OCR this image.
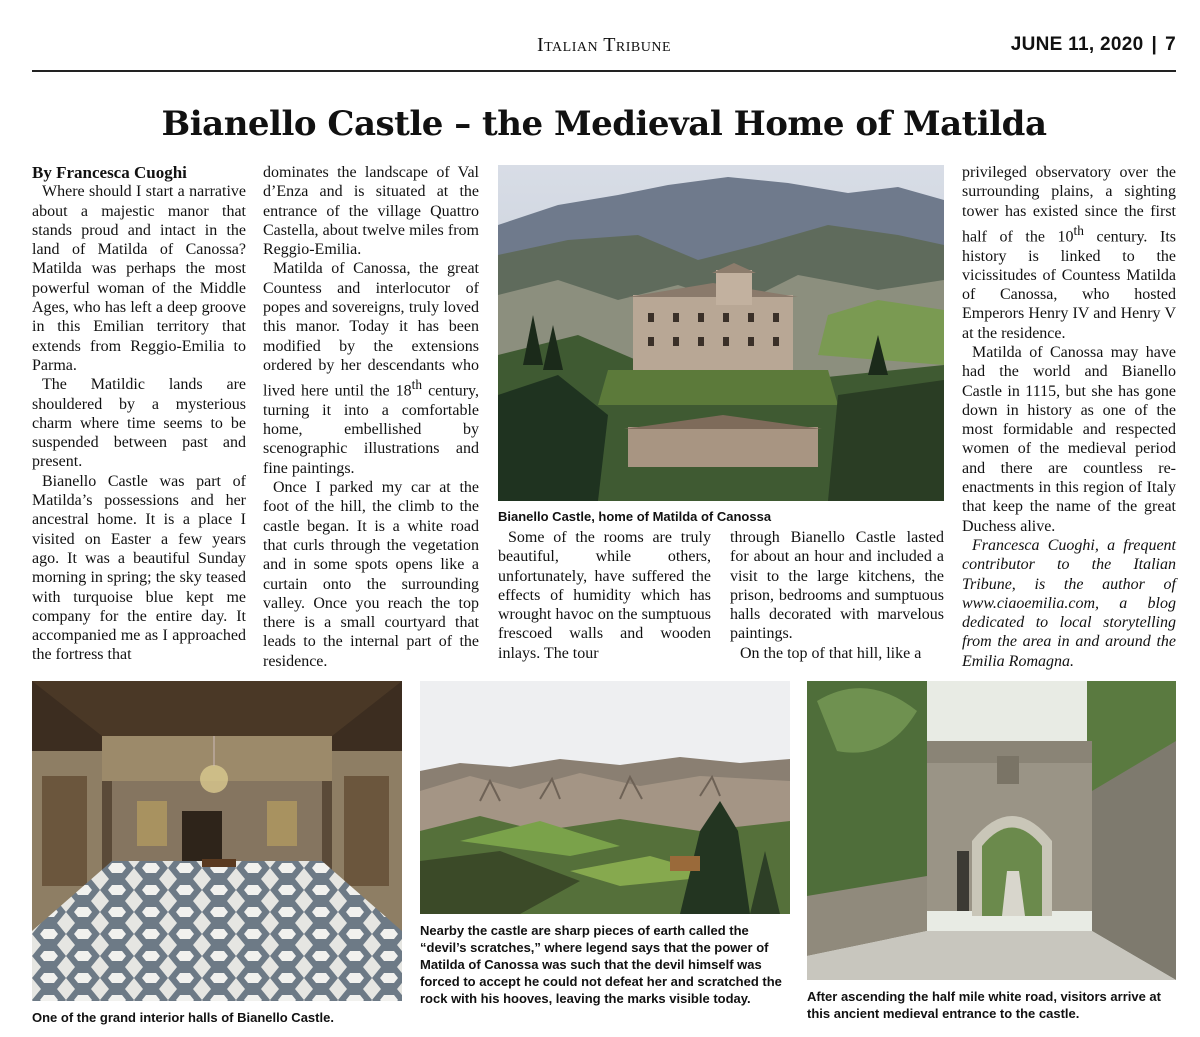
Italian Tribune	JUNE 11, 2020 | 7
Bianello Castle – the Medieval Home of Matilda

By Francesca Cuoghi

Where should I start a narrative about a majestic manor that stands proud and intact in the land of Matilda of Canossa? Matilda was perhaps the most powerful woman of the Middle Ages, who has left a deep groove in this Emilian territory that extends from Reggio-Emilia to Parma.

The Matildic lands are shouldered by a mysterious charm where time seems to be suspended between past and present.

Bianello Castle was part of Matilda’s possessions and her ancestral home. It is a place I visited on Easter a few years ago. It was a beautiful Sunday morning in spring; the sky teased with turquoise blue kept me company for the entire day. It accompanied me as I approached the fortress that

dominates the landscape of Val d’Enza and is situated at the entrance of the village Quattro Castella, about twelve miles from Reggio-Emilia.

Matilda of Canossa, the great Countess and interlocutor of popes and sovereigns, truly loved this manor. Today it has been modified by the extensions ordered by her descendants who lived here until the 18th century, turning it into a comfortable home, embellished by scenographic illustrations and fine paintings.

Once I parked my car at the foot of the hill, the climb to the castle began. It is a white road that curls through the vegetation and in some spots opens like a curtain onto the surrounding valley. Once you reach the top there is a small courtyard that leads to the internal part of the residence.

Some of the rooms are truly beautiful, while others, unfortunately, have suffered the effects of humidity which has wrought havoc on the sumptuous frescoed walls and wooden inlays. The tour

through Bianello Castle lasted for about an hour and included a visit to the large kitchens, the prison, bedrooms and sumptuous halls decorated with marvelous paintings.

On the top of that hill, like a

privileged observatory over the surrounding plains, a sighting tower has existed since the first half of the 10th century. Its history is linked to the vicissitudes of Countess Matilda of Canossa, who hosted Emperors Henry IV and Henry V at the residence.

Matilda of Canossa may have had the world and Bianello Castle in 1115, but she has gone down in history as one of the most formidable and respected women of the medieval period and there are countless re-enactments in this region of Italy that keep the name of the great Duchess alive.

Francesca Cuoghi, a frequent contributor to the Italian Tribune, is the author of www.ciaoemilia.com, a blog dedicated to local storytelling from the area in and around the Emilia Romagna.

Bianello Castle, home of Matilda of Canossa
One of the grand interior halls of Bianello Castle.
Nearby the castle are sharp pieces of earth called the “devil’s scratches,” where legend says that the power of Matilda of Canossa was such that the devil himself was forced to accept he could not defeat her and scratched the rock with his hooves, leaving the marks visible today.	After ascending the half mile white road, visitors arrive at this ancient medieval entrance to the castle.
